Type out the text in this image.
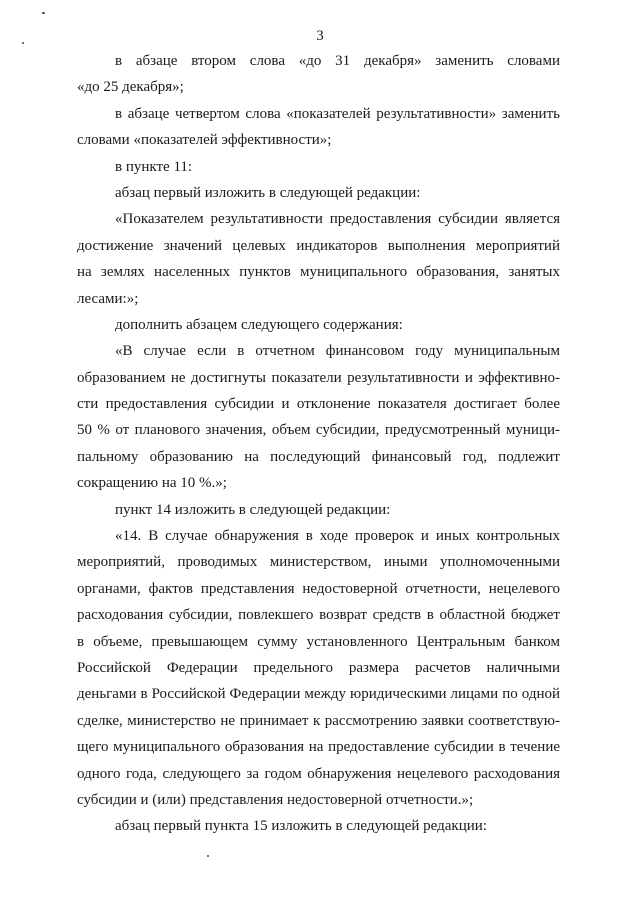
3
в абзаце втором слова «до 31 декабря» заменить словами
«до 25 декабря»;
в абзаце четвертом слова «показателей результативности» заменить
словами «показателей эффективности»;
в пункте 11:
абзац первый изложить в следующей редакции:
«Показателем результативности предоставления субсидии является
достижение значений целевых индикаторов выполнения мероприятий
на землях населенных пунктов муниципального образования, занятых
лесами:»;
дополнить абзацем следующего содержания:
«В случае если в отчетном финансовом году муниципальным
образованием не достигнуты показатели результативности и эффективно-
сти предоставления субсидии и отклонение показателя достигает более
50 % от планового значения, объем субсидии, предусмотренный муници-
пальному образованию на последующий финансовый год, подлежит
сокращению на 10 %.»;
пункт 14 изложить в следующей редакции:
«14. В случае обнаружения в ходе проверок и иных контрольных
мероприятий, проводимых министерством, иными уполномоченными
органами, фактов представления недостоверной отчетности, нецелевого
расходования субсидии, повлекшего возврат средств в областной бюджет
в объеме, превышающем сумму установленного Центральным банком
Российской Федерации предельного размера расчетов наличными
деньгами в Российской Федерации между юридическими лицами по одной
сделке, министерство не принимает к рассмотрению заявки соответствую-
щего муниципального образования на предоставление субсидии в течение
одного года, следующего за годом обнаружения нецелевого расходования
субсидии и (или) представления недостоверной отчетности.»;
абзац первый пункта 15 изложить в следующей редакции:
